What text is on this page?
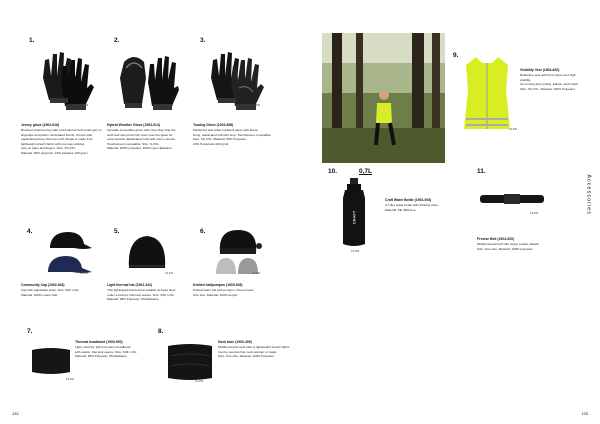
1.
19-618
Jersey glove (1904-618)
Brushed stretch jersey with embroidered Soft smart grip on
fingertips and palms. Articulated thumb. Comes with
elasticated jersey fold-over cuff. Shape is made from
lightweight stretch fabric with one-way wicking.
Grip on palm and fingers. Size: XS-XXL.
Material: 90% polyester, 10% elastane 100 gram.
2.
19-514
Hybrid Weather Glove (1903-514)
Versatile convertible glove with cover flap. Flip the
wind and rain-proof mitt cover over the glove for
extra warmth. Elasticated wrist with velcro closure.
Touchscreen compatible. Size: S-XXL.
Material: 100% polyester, 100% nylon Elastane.
3.
19-698
Touring Glove (1903-698)
Windproof and water repellent glove with fleece
lining, elasticated cuff with loop. Touchscreen compatible.
Size: XS-XXL. Material: 90% Polyester,
10% Polyamide 220 g/m2.
4.
19-643
Community Cap (1902-643)
Cap with adjustable strap. Size: S/M, L/XL.
Material: 100% cotton twill.
5.
19-342
Light thermal hat (1902-342)
Thin lightweight thermal hat suitable as base layer
under a helmet. Flat lock seams. Size: S/M, L/XL.
Material: 95% Polyester, 5% Elastane.
6.
19-945
Knitted hat/pompon (1903-945)
Knitted warm hat with pompon. Fleece lined.
One size. Material: 100% acrylic.
7.
19-992
Thermal headband (1900-992)
Light, stretchy, tight knit warm headband
with elastic. Flat lock seams. Size: S/M, L/XL.
Material: 95% Polyester, 5% Elastane.
8.
19-409
Neck tube (1900-409)
Multifunctional neck tube in lightweight stretch fabric.
Can be used as hat, neck warmer or mask.
Size: One size. Material: 100% Polyester.
9.
19-620
Visibility Vest (1904-620)
Reflective vest with front zipper and high visibility
for running and cycling. Elastic mesh back.
Size: XS-XXL. Material: 100% Polyester.
10.	0,7L
CRAFT
19-093
Craft Water Bottle (1904-093)
0,7 litre water bottle with drinking valve.
Material: PE, BPA free.
11.
19-533
Precise Belt (1904-533)
Multifunctional belt with zipper pocket. Elastic.
Size: One size. Material: 100% polyester.
Accessories
132	133
